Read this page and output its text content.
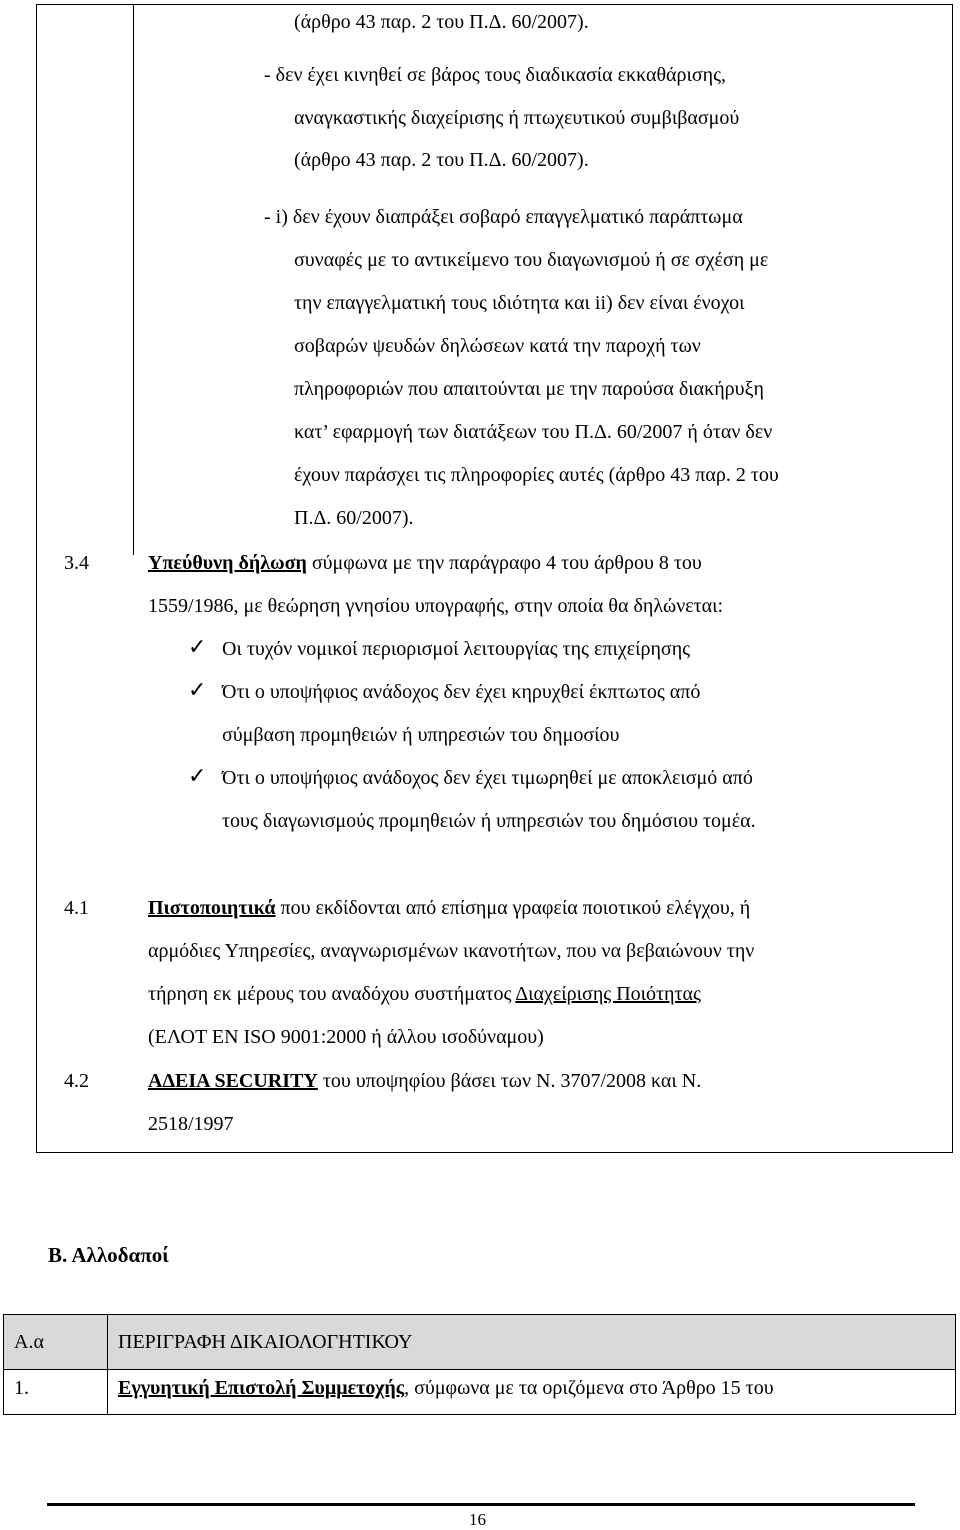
(άρθρο 43 παρ. 2 του Π.Δ. 60/2007).
- δεν έχει κινηθεί σε βάρος τους διαδικασία εκκαθάρισης,
αναγκαστικής διαχείρισης ή πτωχευτικού συμβιβασμού
(άρθρο 43 παρ. 2 του Π.Δ. 60/2007).
- i) δεν έχουν διαπράξει σοβαρό επαγγελματικό παράπτωμα
συναφές με το αντικείμενο του διαγωνισμού ή σε σχέση με
την επαγγελματική τους ιδιότητα και ii) δεν είναι ένοχοι
σοβαρών ψευδών δηλώσεων κατά την παροχή των
πληροφοριών που απαιτούνται με την παρούσα διακήρυξη
κατ’ εφαρμογή των διατάξεων του Π.Δ. 60/2007 ή όταν δεν
έχουν παράσχει τις πληροφορίες αυτές (άρθρο 43 παρ. 2 του
Π.Δ. 60/2007).
3.4	Υπεύθυνη δήλωση σύμφωνα με την παράγραφο 4 του άρθρου 8 του
1559/1986, με θεώρηση γνησίου υπογραφής, στην οποία θα δηλώνεται:
✓ Οι τυχόν νομικοί περιορισμοί λειτουργίας της επιχείρησης
✓ Ότι ο υποψήφιος ανάδοχος δεν έχει κηρυχθεί έκπτωτος από
σύμβαση προμηθειών ή υπηρεσιών του δημοσίου
✓ Ότι ο υποψήφιος ανάδοχος δεν έχει τιμωρηθεί με αποκλεισμό από
τους διαγωνισμούς προμηθειών ή υπηρεσιών του δημόσιου τομέα.
4.1	Πιστοποιητικά που εκδίδονται από επίσημα γραφεία ποιοτικού ελέγχου, ή
αρμόδιες Υπηρεσίες, αναγνωρισμένων ικανοτήτων, που να βεβαιώνουν την
τήρηση εκ μέρους του αναδόχου συστήματος Διαχείρισης Ποιότητας
(ΕΛΟΤ ΕΝ ISO 9001:2000 ή άλλου ισοδύναμου)
4.2	ΑΔΕΙΑ SECURITY του υποψηφίου βάσει των Ν. 3707/2008 και Ν.
2518/1997
Β. Αλλοδαποί
Α.α	ΠΕΡΙΓΡΑΦΗ ΔΙΚΑΙΟΛΟΓΗΤΙΚΟΥ
1.	Εγγυητική Επιστολή Συμμετοχής, σύμφωνα με τα οριζόμενα στο Άρθρο 15 του
16
